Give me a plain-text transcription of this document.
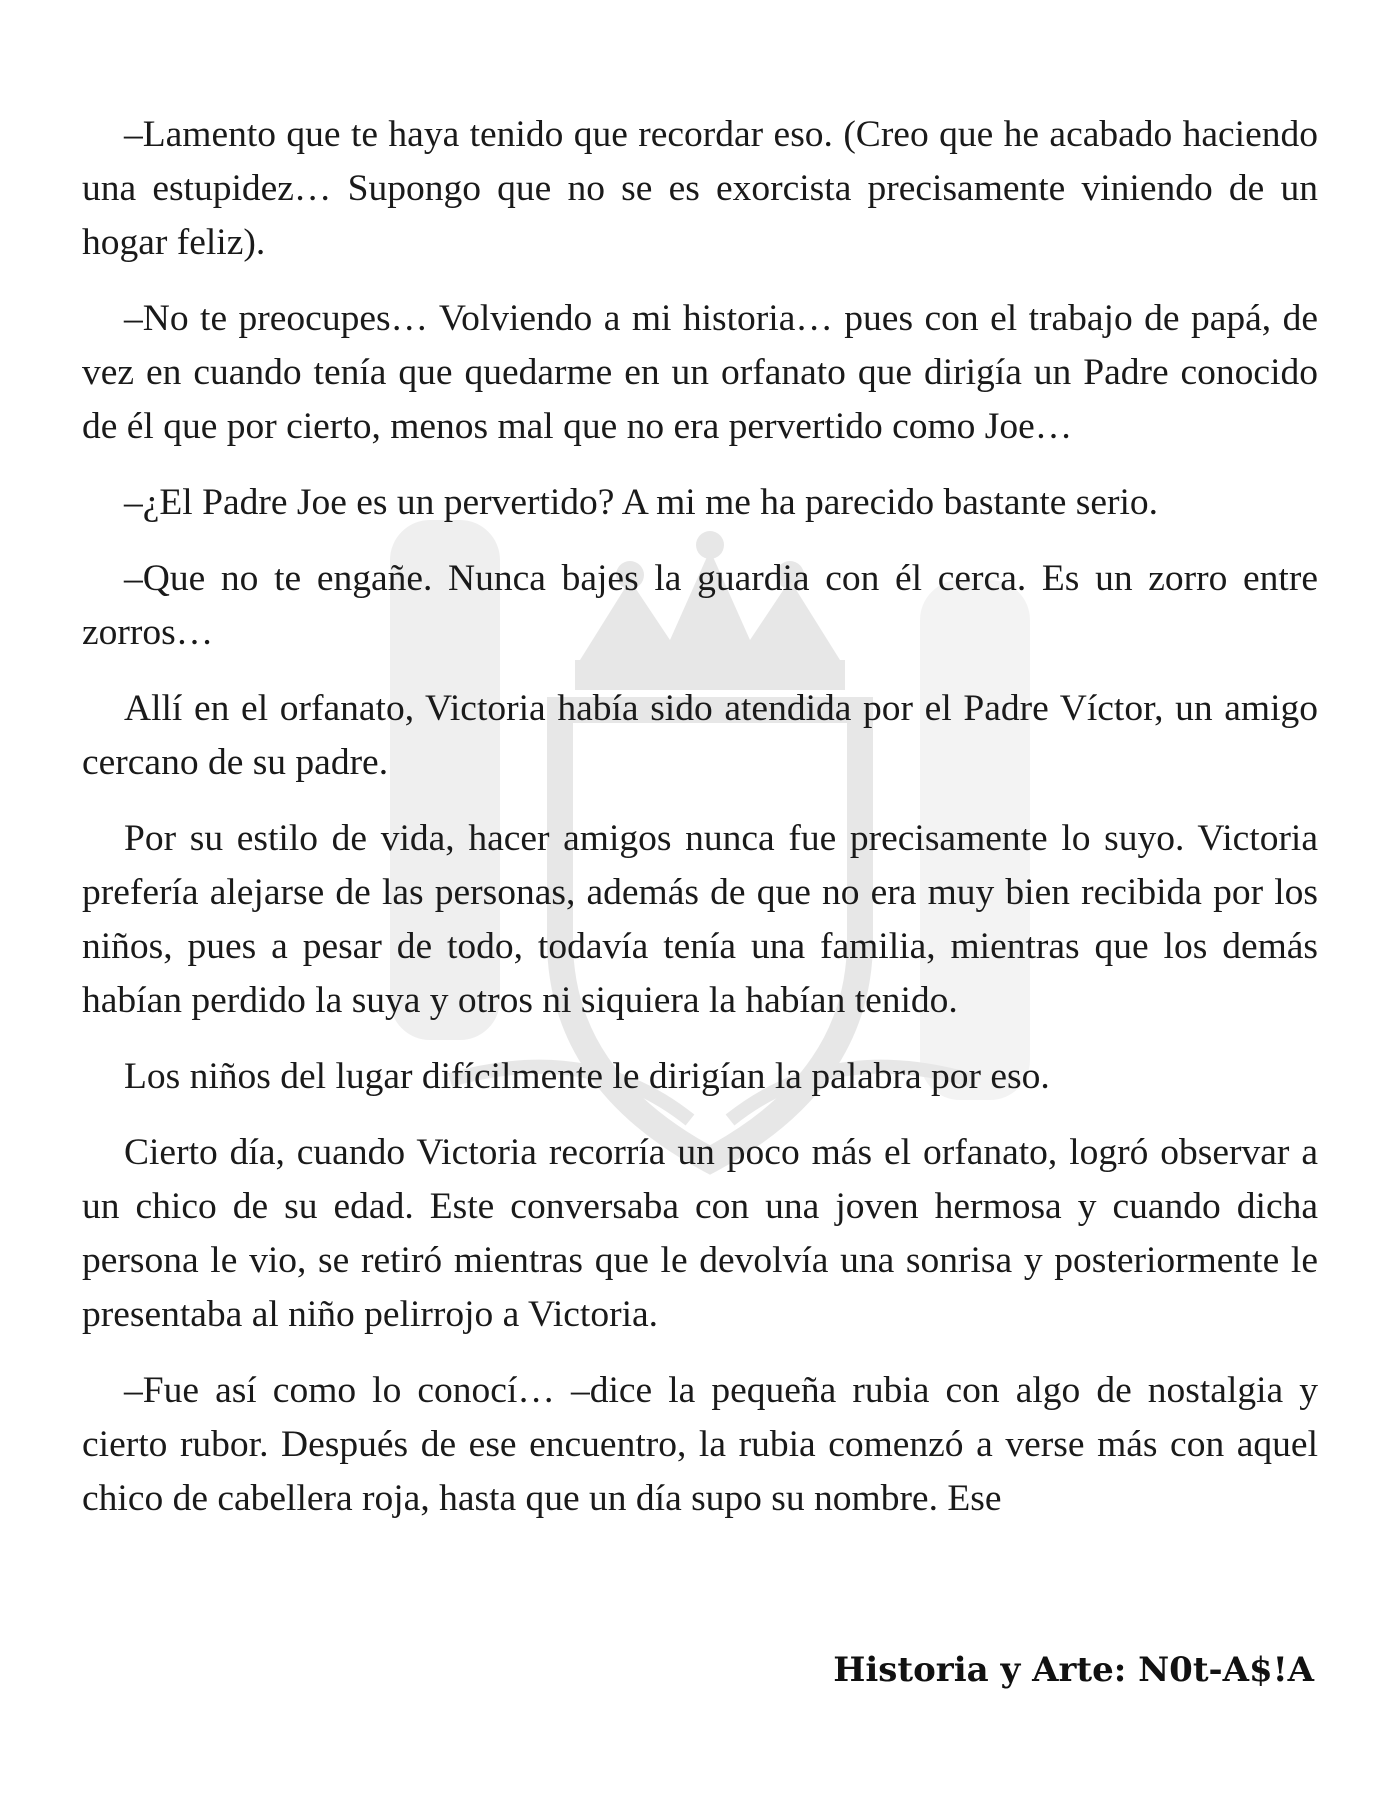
–Lamento que te haya tenido que recordar eso. (Creo que he acabado haciendo una estupidez… Supongo que no se es exorcista precisamente viniendo de un hogar feliz).

–No te preocupes… Volviendo a mi historia… pues con el trabajo de papá, de vez en cuando tenía que quedarme en un orfanato que dirigía un Padre conocido de él que por cierto, menos mal que no era pervertido como Joe…

–¿El Padre Joe es un pervertido? A mi me ha parecido bastante serio.

–Que no te engañe. Nunca bajes la guardia con él cerca. Es un zorro entre zorros…

Allí en el orfanato, Victoria había sido atendida por el Padre Víctor, un amigo cercano de su padre.

Por su estilo de vida, hacer amigos nunca fue precisamente lo suyo. Victoria prefería alejarse de las personas, además de que no era muy bien recibida por los niños, pues a pesar de todo, todavía tenía una familia, mientras que los demás habían perdido la suya y otros ni siquiera la habían tenido.

Los niños del lugar difícilmente le dirigían la palabra por eso.

Cierto día, cuando Victoria recorría un poco más el orfanato, logró observar a un chico de su edad. Este conversaba con una joven hermosa y cuando dicha persona le vio, se retiró mientras que le devolvía una sonrisa y posteriormente le presentaba al niño pelirrojo a Victoria.

–Fue así como lo conocí… –dice la pequeña rubia con algo de nostalgia y cierto rubor. Después de ese encuentro, la rubia comenzó a verse más con aquel chico de cabellera roja, hasta que un día supo su nombre. Ese

Historia y Arte: N0t-A$!A
